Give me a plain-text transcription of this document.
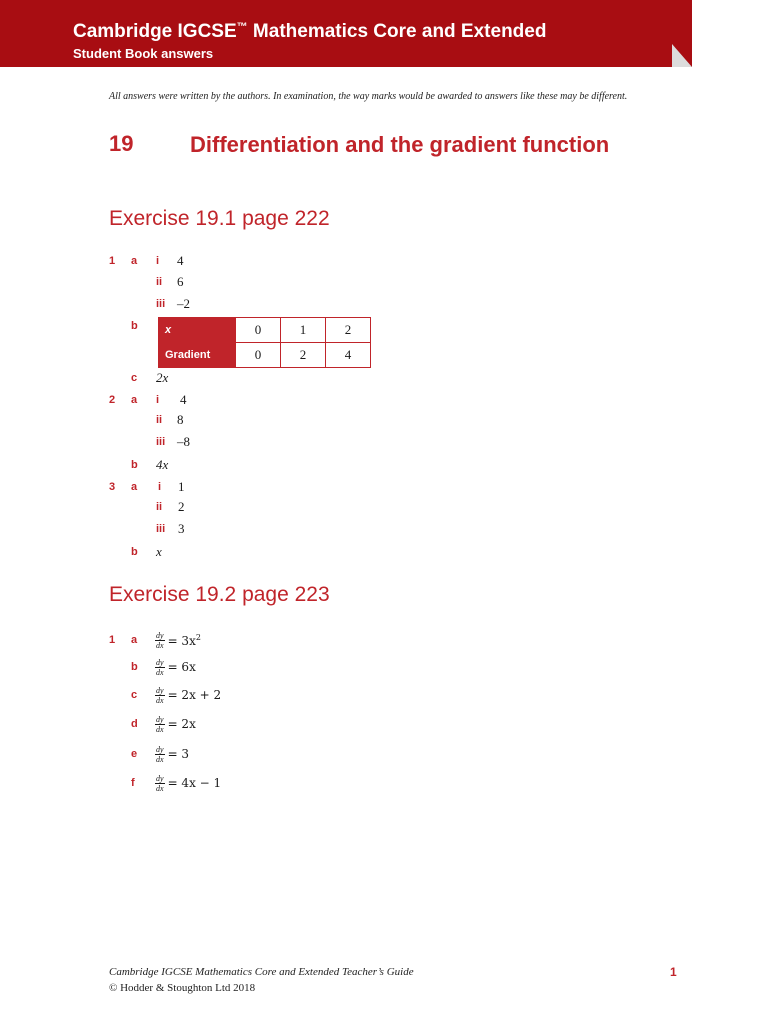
Cambridge IGCSE™ Mathematics Core and Extended
Student Book answers
All answers were written by the authors. In examination, the way marks would be awarded to answers like these may be different.
19	Differentiation and the gradient function
Exercise 19.1 page 222
1 a i 4
ii 6
iii –2
b x	0	1	2
Gradient	0	2	4
c 2x
2 a i 4
ii 8
iii –8
b 4x
3 a i 1
ii 2
iii 3
b x
Exercise 19.2 page 223
1 a $\frac{dy}{dx} = 3x^2$
b $\frac{dy}{dx} = 6x$
c $\frac{dy}{dx} = 2x + 2$
d $\frac{dy}{dx} = 2x$
e $\frac{dy}{dx} = 3$
f	$\frac{dy}{dx} = 4x - 1$
Cambridge IGCSE Mathematics Core and Extended Teacher’s Guide
© Hodder & Stoughton Ltd 2018
1
